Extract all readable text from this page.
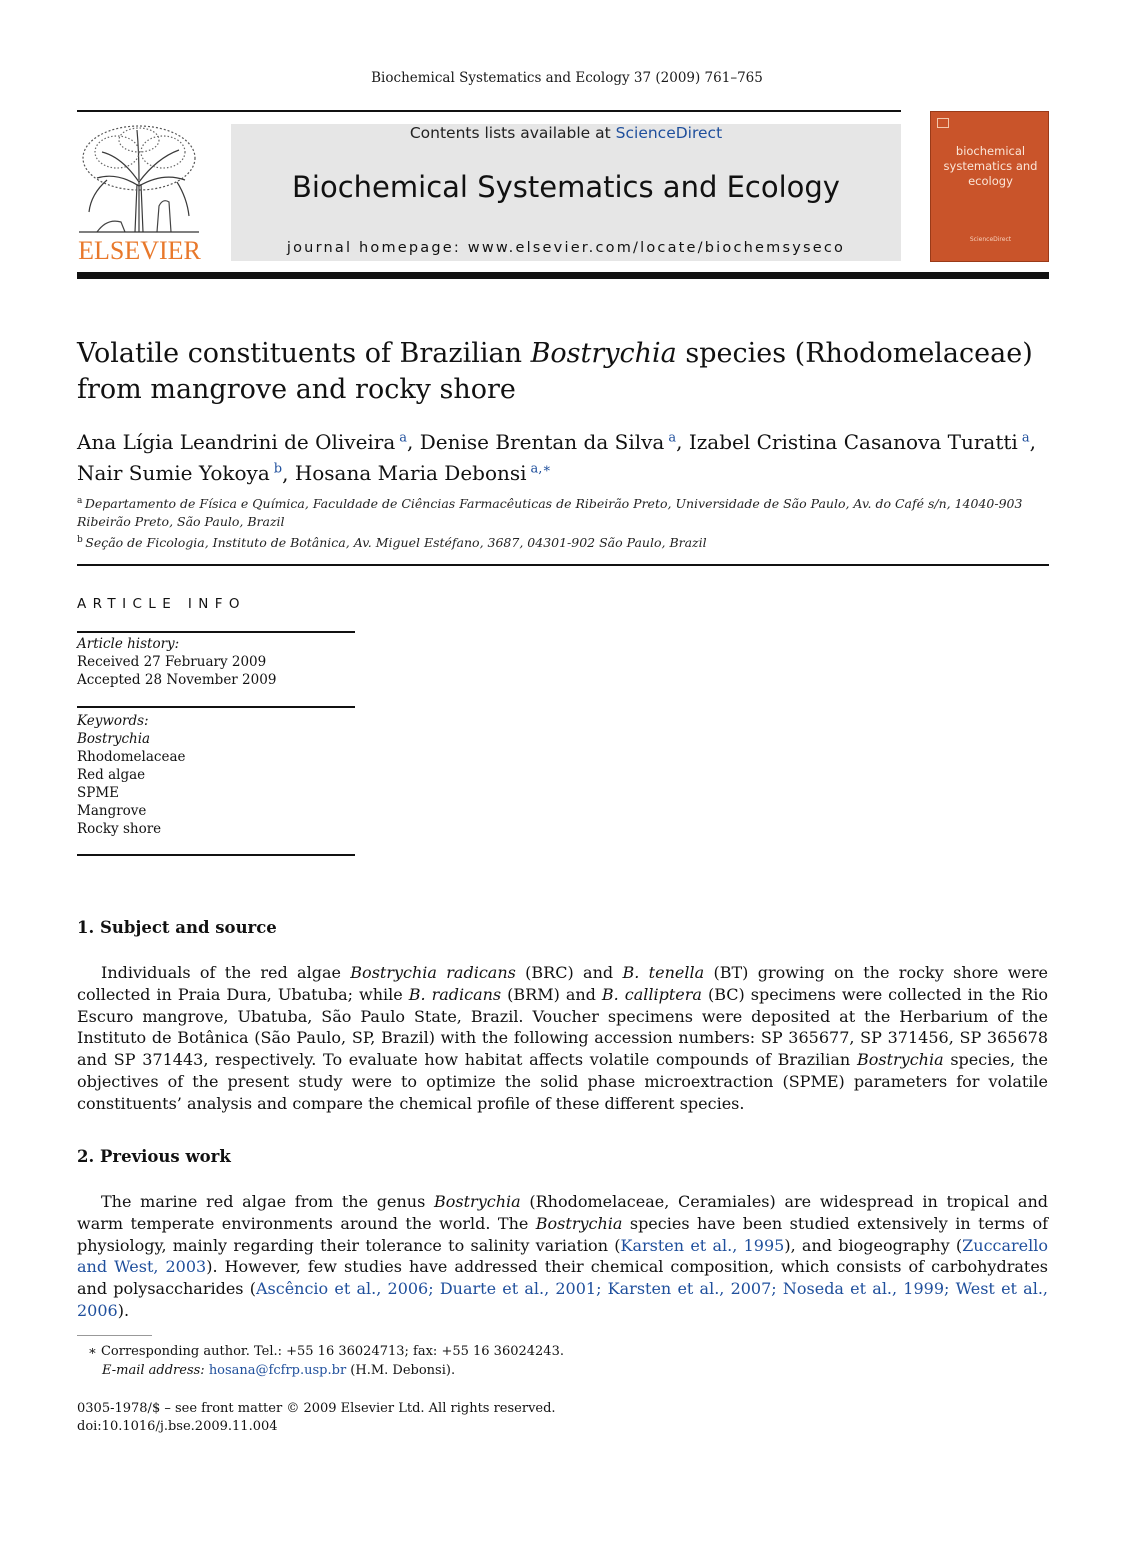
Biochemical Systematics and Ecology 37 (2009) 761–765
ELSEVIER
Contents lists available at ScienceDirect
Biochemical Systematics and Ecology
journal homepage: www.elsevier.com/locate/biochemsyseco
biochemical systematics and ecology
ScienceDirect
Volatile constituents of Brazilian Bostrychia species (Rhodomelaceae) from mangrove and rocky shore
Ana Lígia Leandrini de Oliveira  $^a$, Denise Brentan da Silva  $^a$, Izabel Cristina Casanova Turatti  $^a$,
Nair Sumie Yokoya  $^b$, Hosana Maria Debonsi  $^{a,∗}$
$^a$  Departamento de Física e Química, Faculdade de Ciências Farmacêuticas de Ribeirão Preto, Universidade de São Paulo, Av. do Café s/n, 14040-903 Ribeirão Preto, São Paulo, Brazil
$^b$  Seção de Ficologia, Instituto de Botânica, Av. Miguel Estéfano, 3687, 04301-902 São Paulo, Brazil
ARTICLE INFO
Article history:
Received 27 February 2009
Accepted 28 November 2009
Keywords:
Bostrychia
Rhodomelaceae
Red algae
SPME
Mangrove
Rocky shore
1. Subject and source
Individuals of the red algae Bostrychia radicans (BRC) and B. tenella (BT) growing on the rocky shore were collected in Praia Dura, Ubatuba; while B. radicans (BRM) and B. calliptera (BC) specimens were collected in the Rio Escuro mangrove, Ubatuba, São Paulo State, Brazil. Voucher specimens were deposited at the Herbarium of the Instituto de Botânica (São Paulo, SP, Brazil) with the following accession numbers: SP 365677, SP 371456, SP 365678 and SP 371443, respectively. To evaluate how habitat affects volatile compounds of Brazilian Bostrychia species, the objectives of the present study were to optimize the solid phase microextraction (SPME) parameters for volatile constituents’ analysis and compare the chemical profile of these different species.
2. Previous work
The marine red algae from the genus Bostrychia (Rhodomelaceae, Ceramiales) are widespread in tropical and warm temperate environments around the world. The Bostrychia species have been studied extensively in terms of physiology, mainly regarding their tolerance to salinity variation (Karsten et al., 1995), and biogeography (Zuccarello and West, 2003). However, few studies have addressed their chemical composition, which consists of carbohydrates and polysaccharides (Ascêncio et al., 2006; Duarte et al., 2001; Karsten et al., 2007; Noseda et al., 1999; West et al., 2006).
∗ Corresponding author. Tel.: +55 16 36024713; fax: +55 16 36024243.
E-mail address: hosana@fcfrp.usp.br (H.M. Debonsi).
0305-1978/$ – see front matter © 2009 Elsevier Ltd. All rights reserved.
doi:10.1016/j.bse.2009.11.004
